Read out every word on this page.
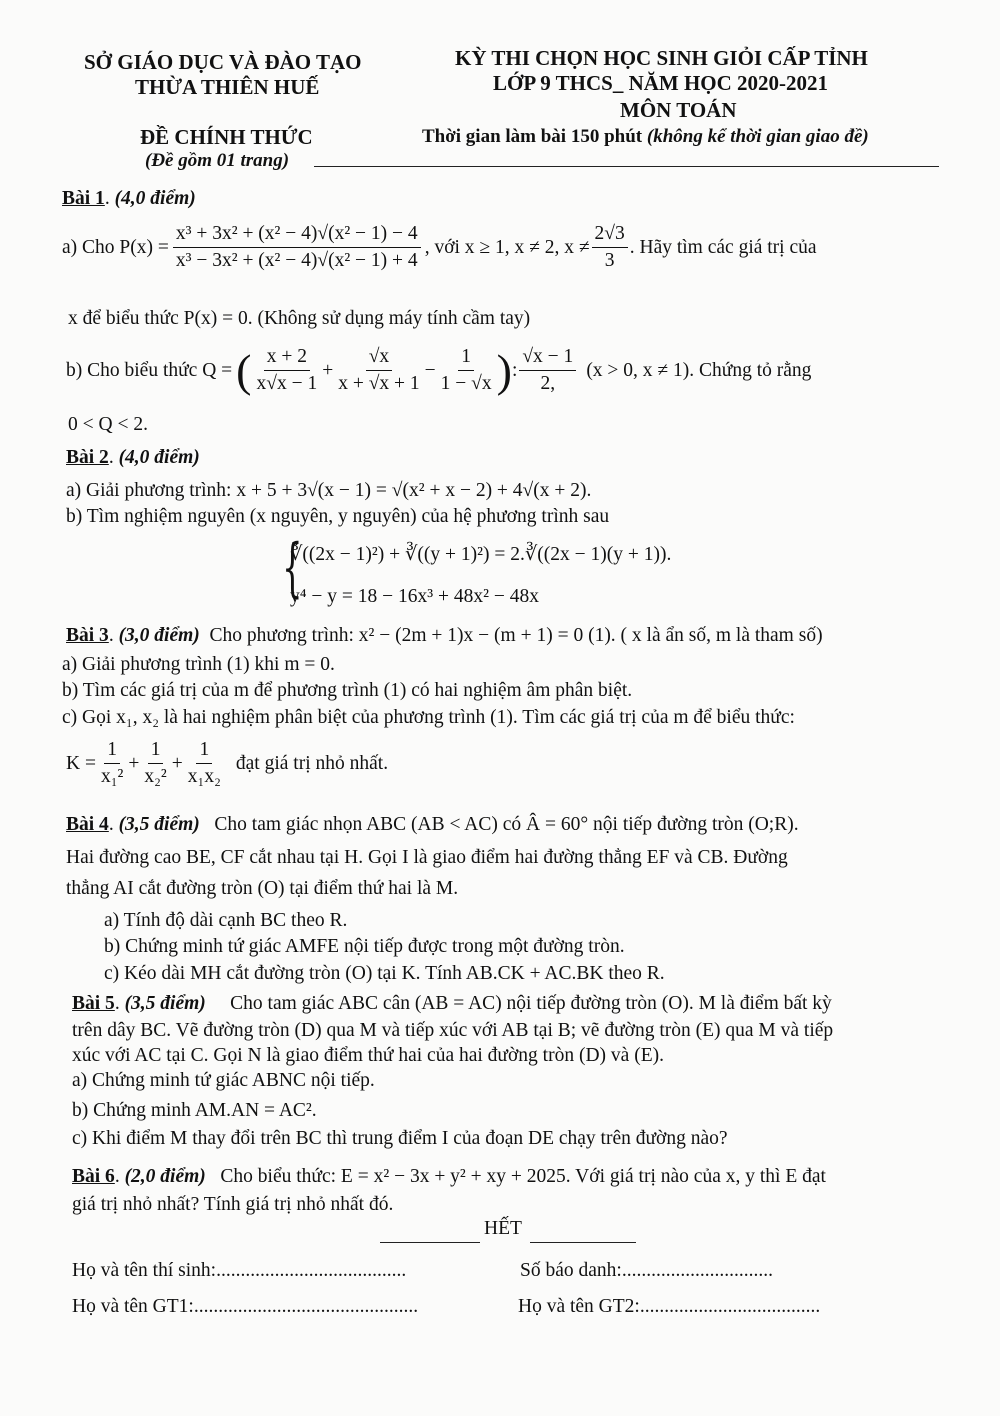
SỞ GIÁO DỤC VÀ ĐÀO TẠO
THỪA THIÊN HUẾ
ĐỀ CHÍNH THỨC
(Đề gồm 01 trang)
KỲ THI CHỌN HỌC SINH GIỎI CẤP TỈNH
LỚP 9 THCS_ NĂM HỌC 2020-2021
MÔN TOÁN
Thời gian làm bài 150 phút (không kể thời gian giao đề)
Bài 1. (4,0 điểm)
a) Cho $P(x) = \frac{\text{x³ + 3x² + (x² − 4)√(x² − 1) − 4}}{\text{x³ − 3x² + (x² − 4)√(x² − 1) + 4}}$ , với x ≥ 1, x ≠ 2, $x \ne \frac{2√3}{3}$ . Hãy tìm các giá trị của
x để biểu thức P(x) = 0. (Không sử dụng máy tính cầm tay)
b) Cho biểu thức Q = ( $\frac{x + 2}{x√x - 1} + \frac{√x}{x + √x + 1} - \frac{1}{1 - √x}$ ) : $\frac{√x - 1}{2,} (x > 0$, x ≠ 1). Chứng tỏ rằng
0 < Q < 2.
Bài 2. (4,0 điểm)
a) Giải phương trình: x + 5 + 3√(x − 1) = √(x² + x − 2) + 4√(x + 2).
b) Tìm nghiệm nguyên (x nguyên, y nguyên) của hệ phương trình sau
{
∛((2x − 1)²) + ∛((y + 1)²) = 2.∛((2x − 1)(y + 1)).
y⁴ − y = 18 − 16x³ + 48x² − 48x
Bài 3. (3,0 điểm) Cho phương trình: x² − (2m + 1)x − (m + 1) = 0 (1). ( x là ẩn số, m là tham số)
a) Giải phương trình (1) khi m = 0.
b) Tìm các giá trị của m để phương trình (1) có hai nghiệm âm phân biệt.
c) Gọi x₁, x₂ là hai nghiệm phân biệt của phương trình (1). Tìm các giá trị của m để biểu thức:
$K = \frac{1}{\text{x₁²}} + \frac{1}{\text{x₂²}} + \frac{1}{\text{x₁x₂}}$ đạt giá trị nhỏ nhất.
Bài 4. (3,5 điểm) Cho tam giác nhọn ABC (AB < AC) có Â = 60° nội tiếp đường tròn (O;R).
Hai đường cao BE, CF cắt nhau tại H. Gọi I là giao điểm hai đường thẳng EF và CB. Đường
thẳng AI cắt đường tròn (O) tại điểm thứ hai là M.
a) Tính độ dài cạnh BC theo R.
b) Chứng minh tứ giác AMFE nội tiếp được trong một đường tròn.
c) Kéo dài MH cắt đường tròn (O) tại K. Tính AB.CK + AC.BK theo R.
Bài 5. (3,5 điểm) Cho tam giác ABC cân (AB = AC) nội tiếp đường tròn (O). M là điểm bất kỳ
trên dây BC. Vẽ đường tròn (D) qua M và tiếp xúc với AB tại B; vẽ đường tròn (E) qua M và tiếp
xúc với AC tại C. Gọi N là giao điểm thứ hai của hai đường tròn (D) và (E).
a) Chứng minh tứ giác ABNC nội tiếp.
b) Chứng minh AM.AN = AC².
c) Khi điểm M thay đổi trên BC thì trung điểm I của đoạn DE chạy trên đường nào?
Bài 6. (2,0 điểm) Cho biểu thức: E = x² − 3x + y² + xy + 2025. Với giá trị nào của x, y thì E đạt
giá trị nhỏ nhất? Tính giá trị nhỏ nhất đó.
HẾT
Họ và tên thí sinh:.......................................	Số báo danh:...............................
Họ và tên GT1:..............................................	Họ và tên GT2:.....................................
